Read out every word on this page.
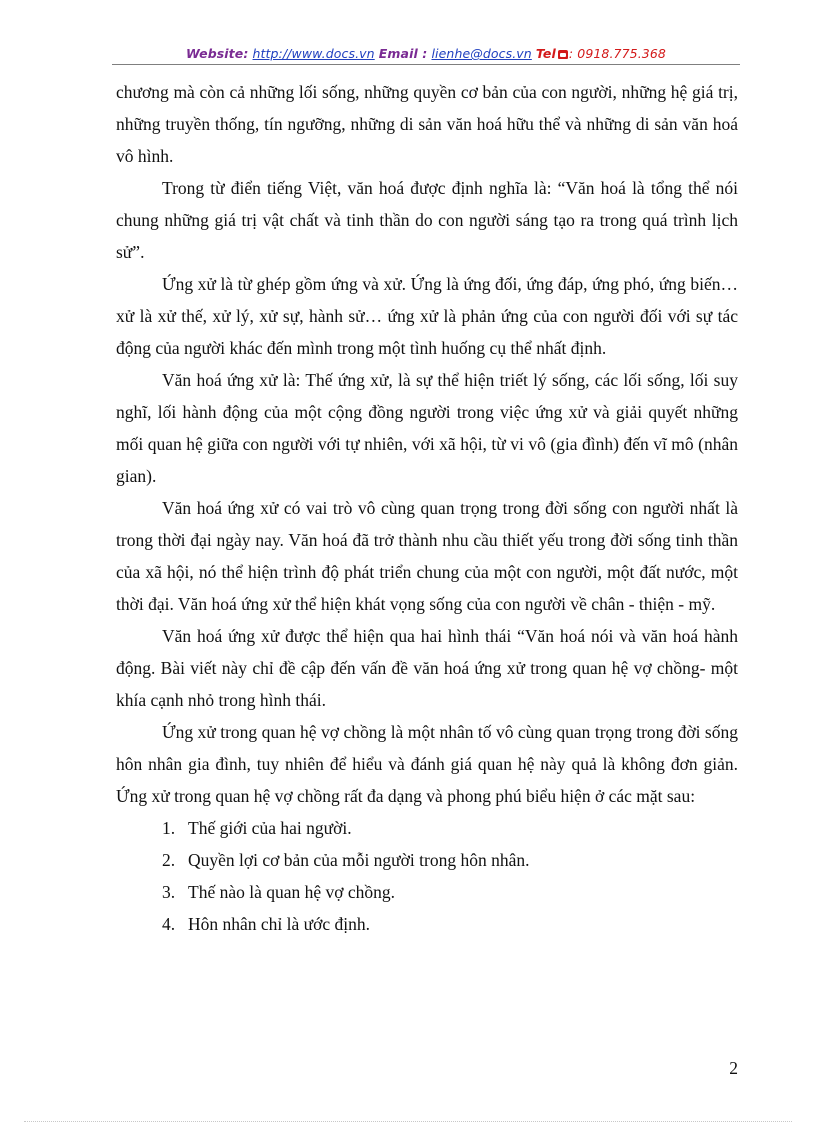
Website: http://www.docs.vn Email : lienhe@docs.vn Tel : 0918.775.368

chương mà còn cả những lối sống, những quyền cơ bản của con người, những hệ giá trị, những truyền thống, tín ngưỡng, những di sản văn hoá hữu thể và những di sản văn hoá vô hình.

Trong từ điển tiếng Việt, văn hoá được định nghĩa là: “Văn hoá là tổng thể nói chung những giá trị vật chất và tinh thần do con người sáng tạo ra trong quá trình lịch sử”.

Ứng xử là từ ghép gồm ứng và xử. Ứng là ứng đối, ứng đáp, ứng phó, ứng biến… xử là xử thế, xử lý, xử sự, hành sử… ứng xử là phản ứng của con người đối với sự tác động của người khác đến mình trong một tình huống cụ thể nhất định.

Văn hoá ứng xử là: Thế ứng xử, là sự thể hiện triết lý sống, các lối sống, lối suy nghĩ, lối hành động của một cộng đồng người trong việc ứng xử và giải quyết những mối quan hệ giữa con người với tự nhiên, với xã hội, từ vi vô (gia đình) đến vĩ mô (nhân gian).

Văn hoá ứng xử có vai trò vô cùng quan trọng trong đời sống con người nhất là trong thời đại ngày nay. Văn hoá đã trở thành nhu cầu thiết yếu trong đời sống tinh thần của xã hội, nó thể hiện trình độ phát triển chung của một con người, một đất nước, một thời đại. Văn hoá ứng xử thể hiện khát vọng sống của con người về chân - thiện - mỹ.

Văn hoá ứng xử được thể hiện qua hai hình thái “Văn hoá nói và văn hoá hành động. Bài viết này chỉ đề cập đến vấn đề văn hoá ứng xử trong quan hệ vợ chồng- một khía cạnh nhỏ trong hình thái.

Ứng xử trong quan hệ vợ chồng là một nhân tố vô cùng quan trọng trong đời sống hôn nhân gia đình, tuy nhiên để hiểu và đánh giá quan hệ này quả là không đơn giản. Ứng xử trong quan hệ vợ chồng rất đa dạng và phong phú biểu hiện ở các mặt sau:

1. Thế giới của hai người.
2. Quyền lợi cơ bản của mỗi người trong hôn nhân.
3. Thế nào là quan hệ vợ chồng.
4. Hôn nhân chỉ là ước định.
2
